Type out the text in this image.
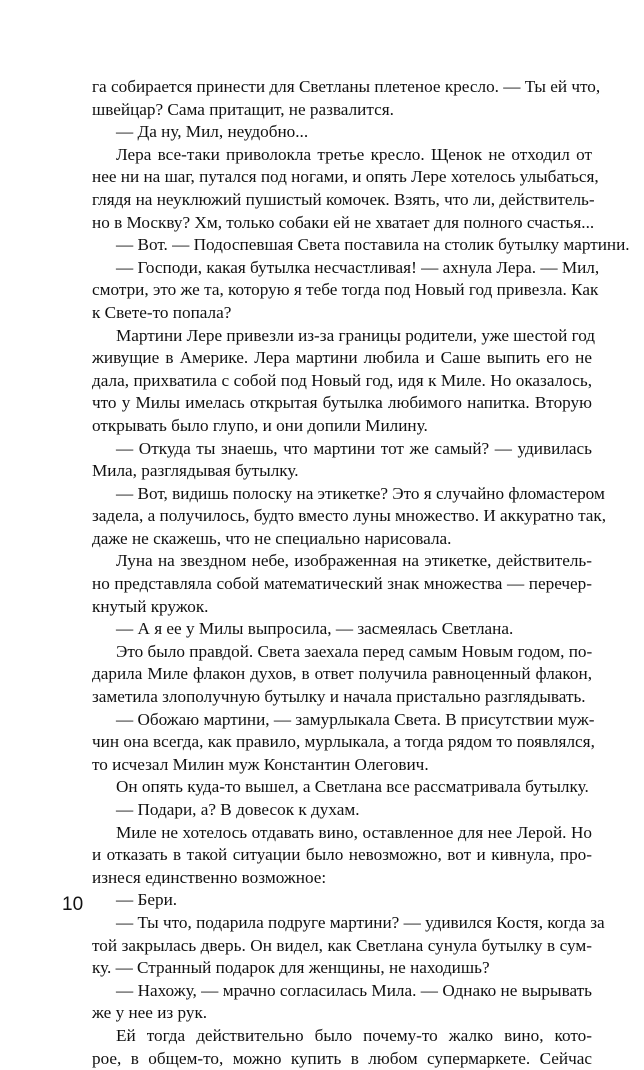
га собирается принести для Светланы плетеное кресло. — Ты ей что,
швейцар? Сама притащит, не развалится.
— Да ну, Мил, неудобно...
Лера все-таки приволокла третье кресло. Щенок не отходил от
нее ни на шаг, путался под ногами, и опять Лере хотелось улыбаться,
глядя на неуклюжий пушистый комочек. Взять, что ли, действитель-
но в Москву? Хм, только собаки ей не хватает для полного счастья...
— Вот. — Подоспевшая Света поставила на столик бутылку мартини.
— Господи, какая бутылка несчастливая! — ахнула Лера. — Мил,
смотри, это же та, которую я тебе тогда под Новый год привезла. Как
к Свете-то попала?
Мартини Лере привезли из-за границы родители, уже шестой год
живущие в Америке. Лера мартини любила и Саше выпить его не
дала, прихватила с собой под Новый год, идя к Миле. Но оказалось,
что у Милы имелась открытая бутылка любимого напитка. Вторую
открывать было глупо, и они допили Милину.
— Откуда ты знаешь, что мартини тот же самый? — удивилась
Мила, разглядывая бутылку.
— Вот, видишь полоску на этикетке? Это я случайно фломастером
задела, а получилось, будто вместо луны множество. И аккуратно так,
даже не скажешь, что не специально нарисовала.
Луна на звездном небе, изображенная на этикетке, действитель-
но представляла собой математический знак множества — перечер-
кнутый кружок.
— А я ее у Милы выпросила, — засмеялась Светлана.
Это было правдой. Света заехала перед самым Новым годом, по-
дарила Миле флакон духов, в ответ получила равноценный флакон,
заметила злополучную бутылку и начала пристально разглядывать.
— Обожаю мартини, — замурлыкала Света. В присутствии муж-
чин она всегда, как правило, мурлыкала, а тогда рядом то появлялся,
то исчезал Милин муж Константин Олегович.
Он опять куда-то вышел, а Светлана все рассматривала бутылку.
— Подари, а? В довесок к духам.
Миле не хотелось отдавать вино, оставленное для нее Лерой. Но
и отказать в такой ситуации было невозможно, вот и кивнула, про-
изнеся единственно возможное:
— Бери.
— Ты что, подарила подруге мартини? — удивился Костя, когда за
той закрылась дверь. Он видел, как Светлана сунула бутылку в сум-
ку. — Странный подарок для женщины, не находишь?
— Нахожу, — мрачно согласилась Мила. — Однако не вырывать
же у нее из рук.
Ей тогда действительно было почему-то жалко вино, кото-
рое, в общем-то, можно купить в любом супермаркете. Сейчас
10
